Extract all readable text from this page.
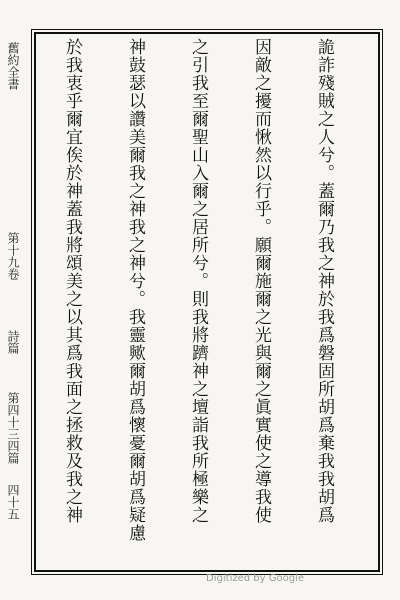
舊約全書
第十九卷
詩篇
第四十三四篇
四十五

	詭詐殘賊之人兮。蓋爾乃我之神於我爲磐固所胡爲棄我我胡爲

因敵之擾而愀然以行乎。願爾施爾之光與爾之眞實使之導我使

之引我至爾聖山入爾之居所兮。則我將躋神之壇詣我所極樂之

神鼓瑟以讚美爾我之神我之神兮。我靈歟爾胡爲懷憂爾胡爲疑慮

於我衷乎爾宜俟於神蓋我將頌美之以其爲我面之拯救及我之神

Digitized by Google
